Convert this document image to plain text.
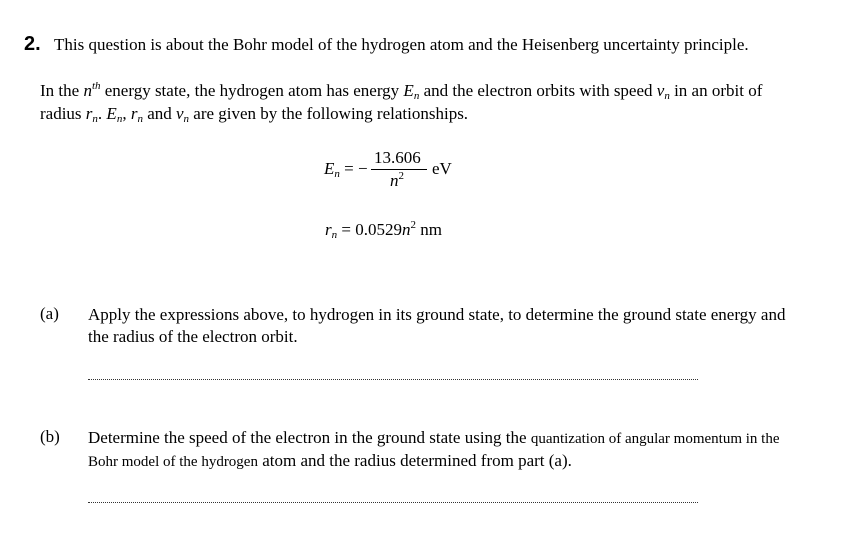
2. This question is about the Bohr model of the hydrogen atom and the Heisenberg uncertainty principle.
In the $n^{th}$ energy state, the hydrogen atom has energy $E_n$ and the electron orbits with speed $v_n$ in an orbit of
radius $r_n$. $E_n$, $r_n$ and $v_n$ are given by the following relationships.
$E_n$ = −
13.606
$n^2$ eV
$r_n = 0.0529n^2$ nm
(a) Apply the expressions above, to hydrogen in its ground state, to determine the ground state energy and
the radius of the electron orbit.
(b) Determine the speed of the electron in the ground state using the quantization of angular momentum in the
Bohr model of the hydrogen atom and the radius determined from part (a).
